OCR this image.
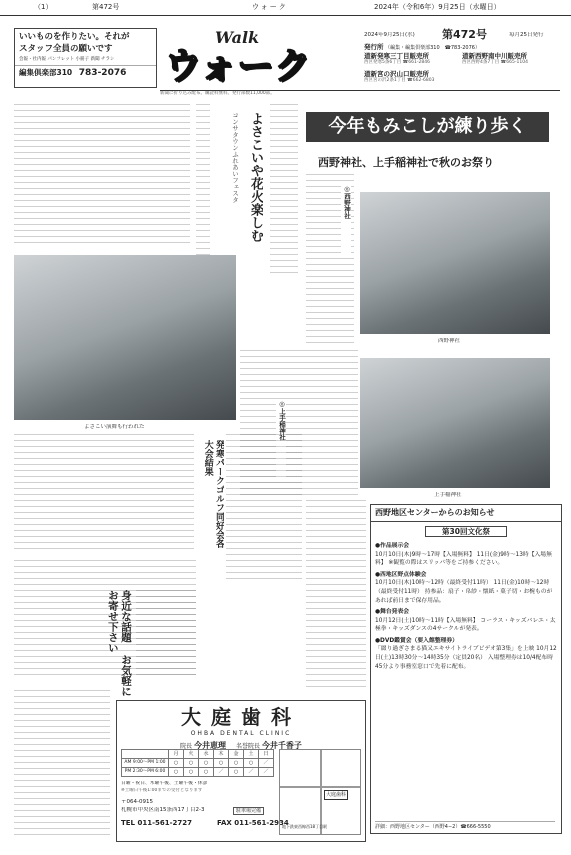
（1）	第472号	ウォーク	2024年（令和6年）9月25日（水曜日）
いいものを作りたい。それが
スタッフ全員の願いです
会報・社内報 パンフレット 小冊子 新聞 チラシ
編集倶楽部310 783-2076
Walk
ウォーク
2024年9月25日(水) 第472号	毎月25日発行
発行所 （編集・編集倶楽部310　☎783-2076）
道新発寒三丁目販売所
西区発寒5条6丁目 ☎661-2846
道新西野南中川販売所
西区西野4条7丁目 ☎665-1104
道新宮の沢山口販売所
西区宮の沢2条1丁目 ☎662-6803
新聞に折り込み配布。購読料無料。発行部数11,000部。
コンサタウンふれあいフェスタ よさこいや花火楽しむ	今年もみこしが練り歩く
西野神社、上手稲神社で秋のお祭り
◎西野神社
西野神社
上手稲神社
◎上手稲神社
よさこい演舞も行われた
発寒パークゴルフ同好会各大会結果
身近な話題 お気軽にお寄せ下さい
西野地区センターからのお知らせ
第30回文化祭
●作品展示会
10月10日(木)9時〜17時【入場無料】 11日(金)9時〜13時【入場無料】 ※観覧の際はスリッパ等をご持参ください。
●西地区野点体験会
10月10日(木)10時〜12時（最終受付11時） 11日(金)10時〜12時（最終受付11時） 持参品：扇子・帛紗・懐紙・菓子切・お椀ものがあれば前日まで保存用品。
●舞台発表会
10月12日(土)10時〜11時【入場無料】 コーラス・キッズバレエ・太極拳・キッズダンスの4サークルが発表。
●DVD鑑賞会（要入館整理券）
「綴り過ぎさまる猫又エキサイトライブビデオ第3集」を上映 10月12日(土)13時30分〜14時35分（定員20名） 入場整理券は10/4配布時45分より事務室窓口で先着に配布。
詳細：西野地区センター（西野4−2）☎666-5550
大庭歯科
OHBA DENTAL CLINIC
院長 今井恵理 名誉院長 今井千香子
	月	火	水	木	金	土	日
AM 9:00〜PM 1:00	○	○	○	○	○	○	／
PM 2:30〜PM 6:00	○	○	○	／	○	／	／
日曜・祝日、木曜午後、土曜午後・休診
※土曜日午後1:00までの受付となります
〒064-0915
札幌市中央区南15条西17丁目2-3	駐車場完備
TEL 011-561-2727	FAX 011-561-2934
大庭歯科
地下鉄東西線西18丁目駅
